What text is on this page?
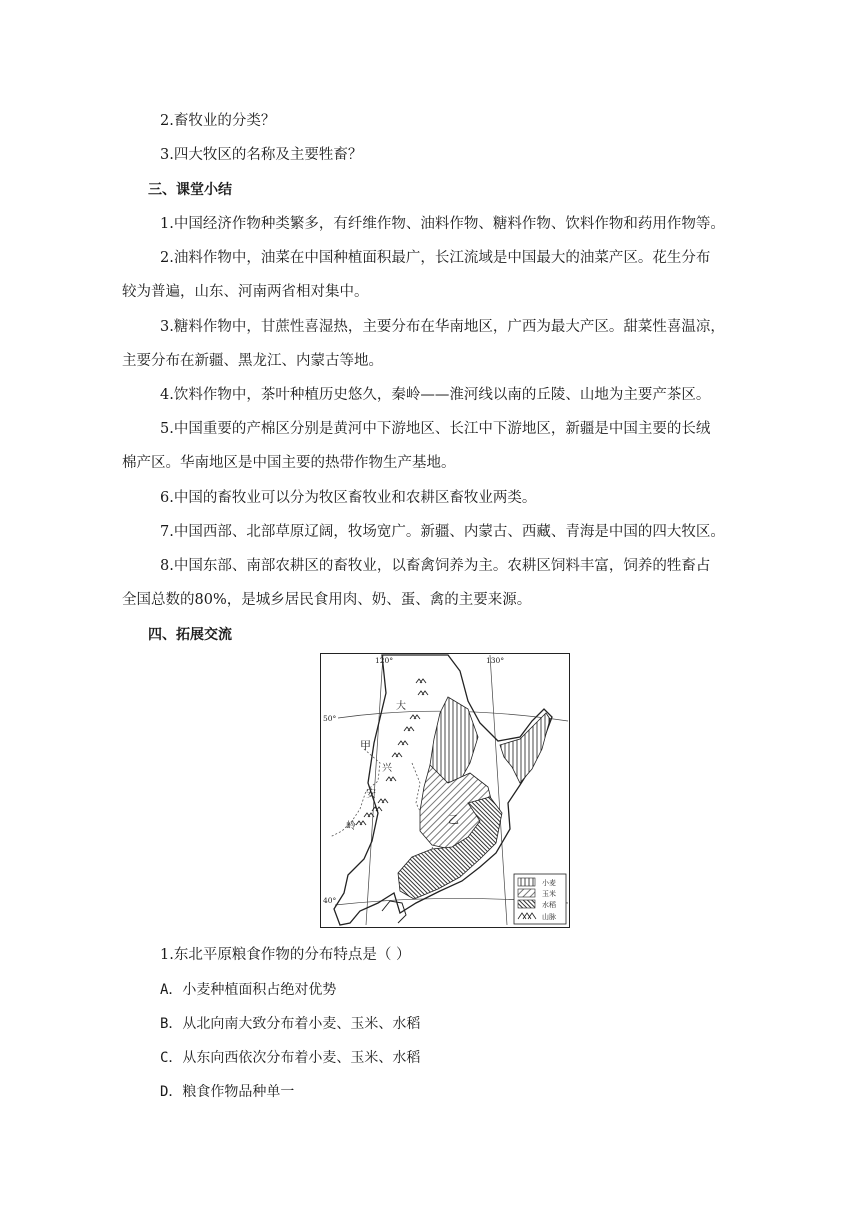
2.畜牧业的分类？
3.四大牧区的名称及主要牲畜？
三、课堂小结
1.中国经济作物种类繁多，有纤维作物、油料作物、糖料作物、饮料作物和药用作物等。
2.油料作物中，油菜在中国种植面积最广，长江流域是中国最大的油菜产区。花生分布
较为普遍，山东、河南两省相对集中。
3.糖料作物中，甘蔗性喜湿热，主要分布在华南地区，广西为最大产区。甜菜性喜温凉，
主要分布在新疆、黑龙江、内蒙古等地。
4.饮料作物中，茶叶种植历史悠久，秦岭——淮河线以南的丘陵、山地为主要产茶区。
5.中国重要的产棉区分别是黄河中下游地区、长江中下游地区，新疆是中国主要的长绒
棉产区。华南地区是中国主要的热带作物生产基地。
6.中国的畜牧业可以分为牧区畜牧业和农耕区畜牧业两类。
7.中国西部、北部草原辽阔，牧场宽广。新疆、内蒙古、西藏、青海是中国的四大牧区。
8.中国东部、南部农耕区的畜牧业，以畜禽饲养为主。农耕区饲料丰富，饲养的牲畜占
全国总数的80%，是城乡居民食用肉、奶、蛋、禽的主要来源。
四、拓展交流
120°	130°
50°
40°
甲
乙
大
兴
安
岭
小麦
玉米
水稻
山脉
1.东北平原粮食作物的分布特点是（ ）
A．小麦种植面积占绝对优势
B．从北向南大致分布着小麦、玉米、水稻
C．从东向西依次分布着小麦、玉米、水稻
D．粮食作物品种单一
